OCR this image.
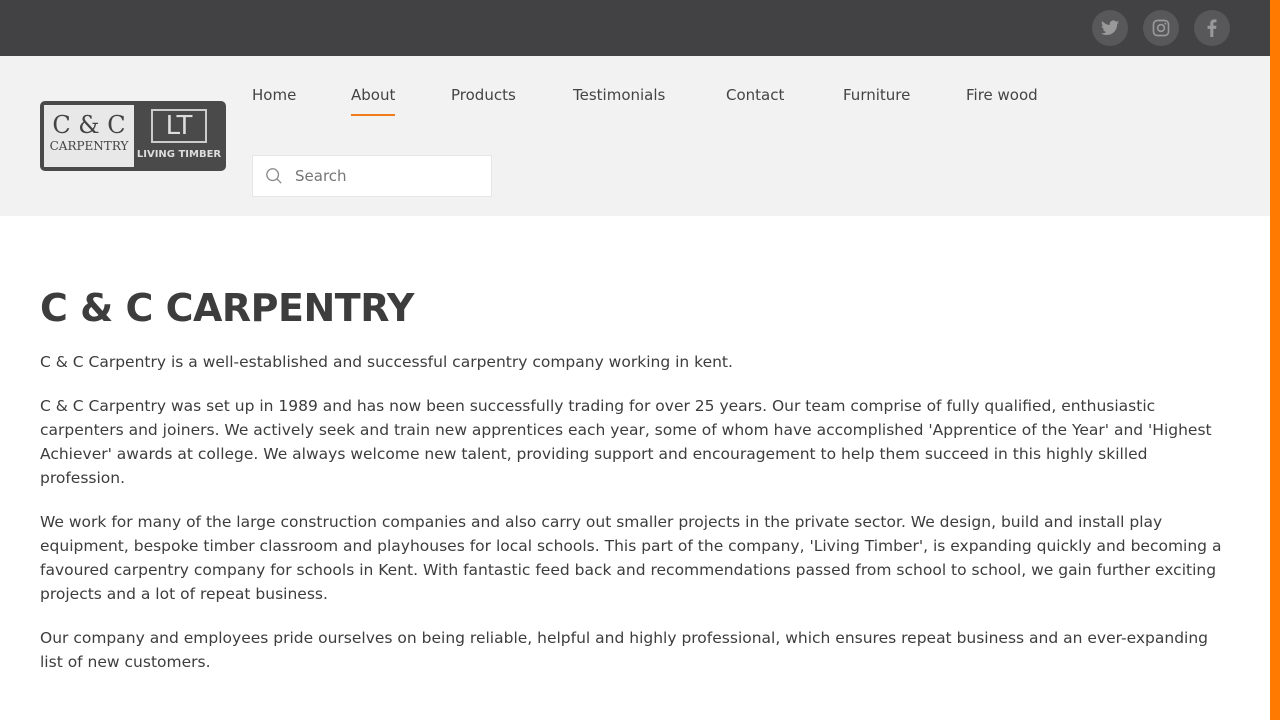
C & C
CARPENTRY
LT
LIVING TIMBER
Home	About	Products	Testimonials	Contact	Furniture	Fire wood
Search
C & C CARPENTRY

C & C Carpentry is a well-established and successful carpentry company working in kent.

C & C Carpentry was set up in 1989 and has now been successfully trading for over 25 years. Our team comprise of fully qualified, enthusiastic carpenters and joiners. We actively seek and train new apprentices each year, some of whom have accomplished 'Apprentice of the Year' and 'Highest Achiever' awards at college. We always welcome new talent, providing support and encouragement to help them succeed in this highly skilled profession.

We work for many of the large construction companies and also carry out smaller projects in the private sector. We design, build and install play equipment, bespoke timber classroom and playhouses for local schools. This part of the company, 'Living Timber', is expanding quickly and becoming a favoured carpentry company for schools in Kent. With fantastic feed back and recommendations passed from school to school, we gain further exciting projects and a lot of repeat business.

Our company and employees pride ourselves on being reliable, helpful and highly professional, which ensures repeat business and an ever-expanding list of new customers.
